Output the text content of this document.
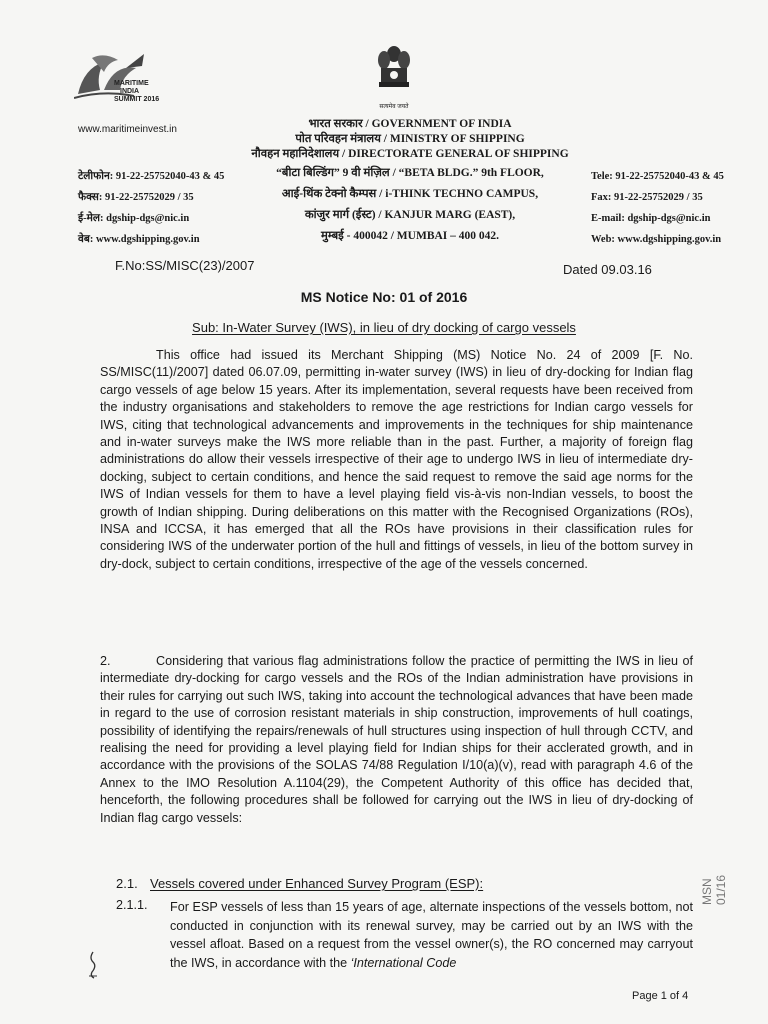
MARITIME
INDIA
SUMMIT 2016
www.maritimeinvest.in
सत्यमेव जयते
भारत सरकार / GOVERNMENT OF INDIA
पोत परिवहन मंत्रालय / MINISTRY OF SHIPPING
नौवहन महानिदेशालय / DIRECTORATE GENERAL OF SHIPPING
“बीटा बिल्डिंग” 9 वी मंज़िल / “BETA BLDG.” 9th FLOOR,
आई-थिंक टेक्नो कैम्पस / i-THINK TECHNO CAMPUS,
कांजुर मार्ग (ईस्ट) / KANJUR MARG (EAST),
मुम्बई - 400042 / MUMBAI – 400 042.
टेलीफोन: 91-22-25752040-43 & 45
फैक्स: 91-22-25752029 / 35
ई-मेल: dgship-dgs@nic.in
वेब: www.dgshipping.gov.in
Tele: 91-22-25752040-43 & 45
Fax: 91-22-25752029 / 35
E-mail: dgship-dgs@nic.in
Web: www.dgshipping.gov.in
F.No:SS/MISC(23)/2007	Dated 09.03.16
MS Notice No: 01 of 2016
Sub: In-Water Survey (IWS), in lieu of dry docking of cargo vessels
This office had issued its Merchant Shipping (MS) Notice No. 24 of 2009 [F. No. SS/MISC(11)/2007] dated 06.07.09, permitting in-water survey (IWS) in lieu of dry-docking for Indian flag cargo vessels of age below 15 years. After its implementation, several requests have been received from the industry organisations and stakeholders to remove the age restrictions for Indian cargo vessels for IWS, citing that technological advancements and improvements in the techniques for ship maintenance and in-water surveys make the IWS more reliable than in the past. Further, a majority of foreign flag administrations do allow their vessels irrespective of their age to undergo IWS in lieu of intermediate dry-docking, subject to certain conditions, and hence the said request to remove the said age norms for the IWS of Indian vessels for them to have a level playing field vis-à-vis non-Indian vessels, to boost the growth of Indian shipping. During deliberations on this matter with the Recognised Organizations (ROs), INSA and ICCSA, it has emerged that all the ROs have provisions in their classification rules for considering IWS of the underwater portion of the hull and fittings of vessels, in lieu of the bottom survey in dry-dock, subject to certain conditions, irrespective of the age of the vessels concerned.
2.	Considering that various flag administrations follow the practice of permitting the IWS in lieu of intermediate dry-docking for cargo vessels and the ROs of the Indian administration have provisions in their rules for carrying out such IWS, taking into account the technological advances that have been made in regard to the use of corrosion resistant materials in ship construction, improvements of hull coatings, possibility of identifying the repairs/renewals of hull structures using inspection of hull through CCTV, and realising the need for providing a level playing field for Indian ships for their acclerated growth, and in accordance with the provisions of the SOLAS 74/88 Regulation I/10(a)(v), read with paragraph 4.6 of the Annex to the IMO Resolution A.1104(29), the Competent Authority of this office has decided that, henceforth, the following procedures shall be followed for carrying out the IWS in lieu of dry-docking of Indian flag cargo vessels:
2.1. Vessels covered under Enhanced Survey Program (ESP):
2.1.1. For ESP vessels of less than 15 years of age, alternate inspections of the vessels bottom, not conducted in conjunction with its renewal survey, may be carried out by an IWS with the vessel afloat. Based on a request from the vessel owner(s), the RO concerned may carryout the IWS, in accordance with the ‘International Code
MSN 01/16
Page 1 of 4
